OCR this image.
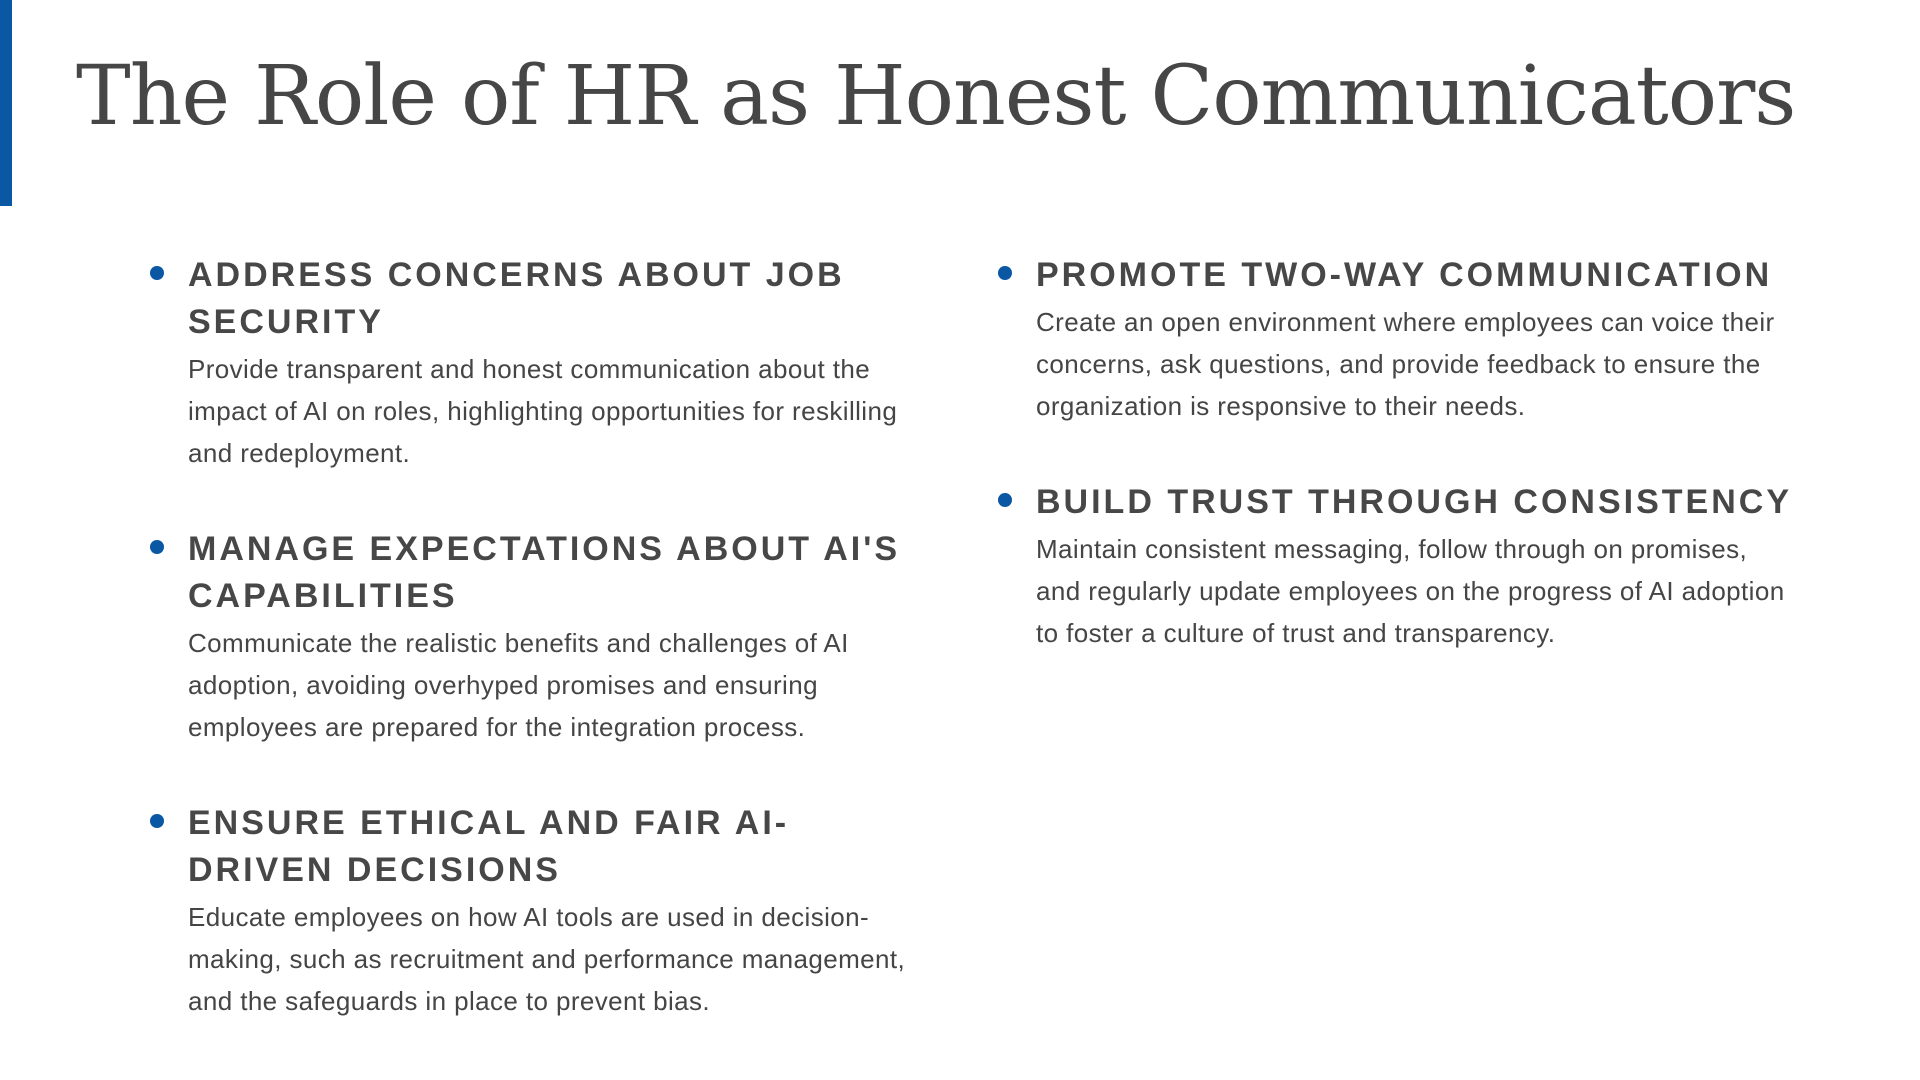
The Role of HR as Honest Communicators
ADDRESS CONCERNS ABOUT JOB SECURITY

Provide transparent and honest communication about the impact of AI on roles, highlighting opportunities for reskilling and redeployment.

MANAGE EXPECTATIONS ABOUT AI'S CAPABILITIES

Communicate the realistic benefits and challenges of AI adoption, avoiding overhyped promises and ensuring employees are prepared for the integration process.

ENSURE ETHICAL AND FAIR AI-DRIVEN DECISIONS

Educate employees on how AI tools are used in decision-making, such as recruitment and performance management, and the safeguards in place to prevent bias.

PROMOTE TWO-WAY COMMUNICATION

Create an open environment where employees can voice their concerns, ask questions, and provide feedback to ensure the organization is responsive to their needs.

BUILD TRUST THROUGH CONSISTENCY

Maintain consistent messaging, follow through on promises, and regularly update employees on the progress of AI adoption to foster a culture of trust and transparency.
